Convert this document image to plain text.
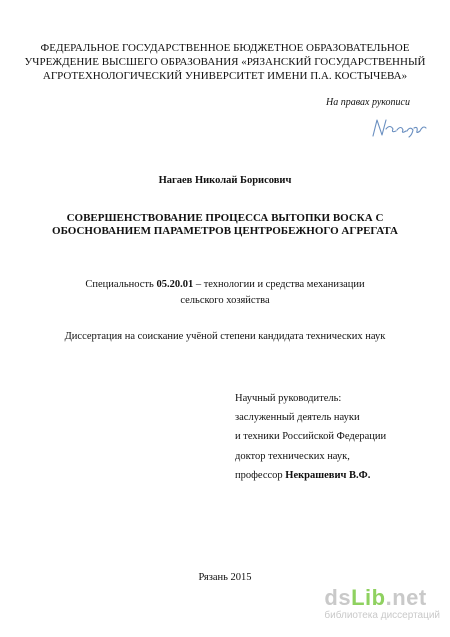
ФЕДЕРАЛЬНОЕ ГОСУДАРСТВЕННОЕ БЮДЖЕТНОЕ ОБРАЗОВАТЕЛЬНОЕ
УЧРЕЖДЕНИЕ ВЫСШЕГО ОБРАЗОВАНИЯ «РЯЗАНСКИЙ ГОСУДАРСТВЕННЫЙ
АГРОТЕХНОЛОГИЧЕСКИЙ УНИВЕРСИТЕТ ИМЕНИ П.А. КОСТЫЧЕВА»
На правах рукописи
Нагаев Николай Борисович
СОВЕРШЕНСТВОВАНИЕ ПРОЦЕССА ВЫТОПКИ ВОСКА С
ОБОСНОВАНИЕМ ПАРАМЕТРОВ ЦЕНТРОБЕЖНОГО АГРЕГАТА
Специальность 05.20.01 – технологии и средства механизации
сельского хозяйства
Диссертация на соискание учёной степени кандидата технических наук
Научный руководитель:
заслуженный деятель науки
и техники Российской Федерации
доктор технических наук,
профессор Некрашевич В.Ф.
Рязань 2015
dsLib.net
библиотека диссертаций
